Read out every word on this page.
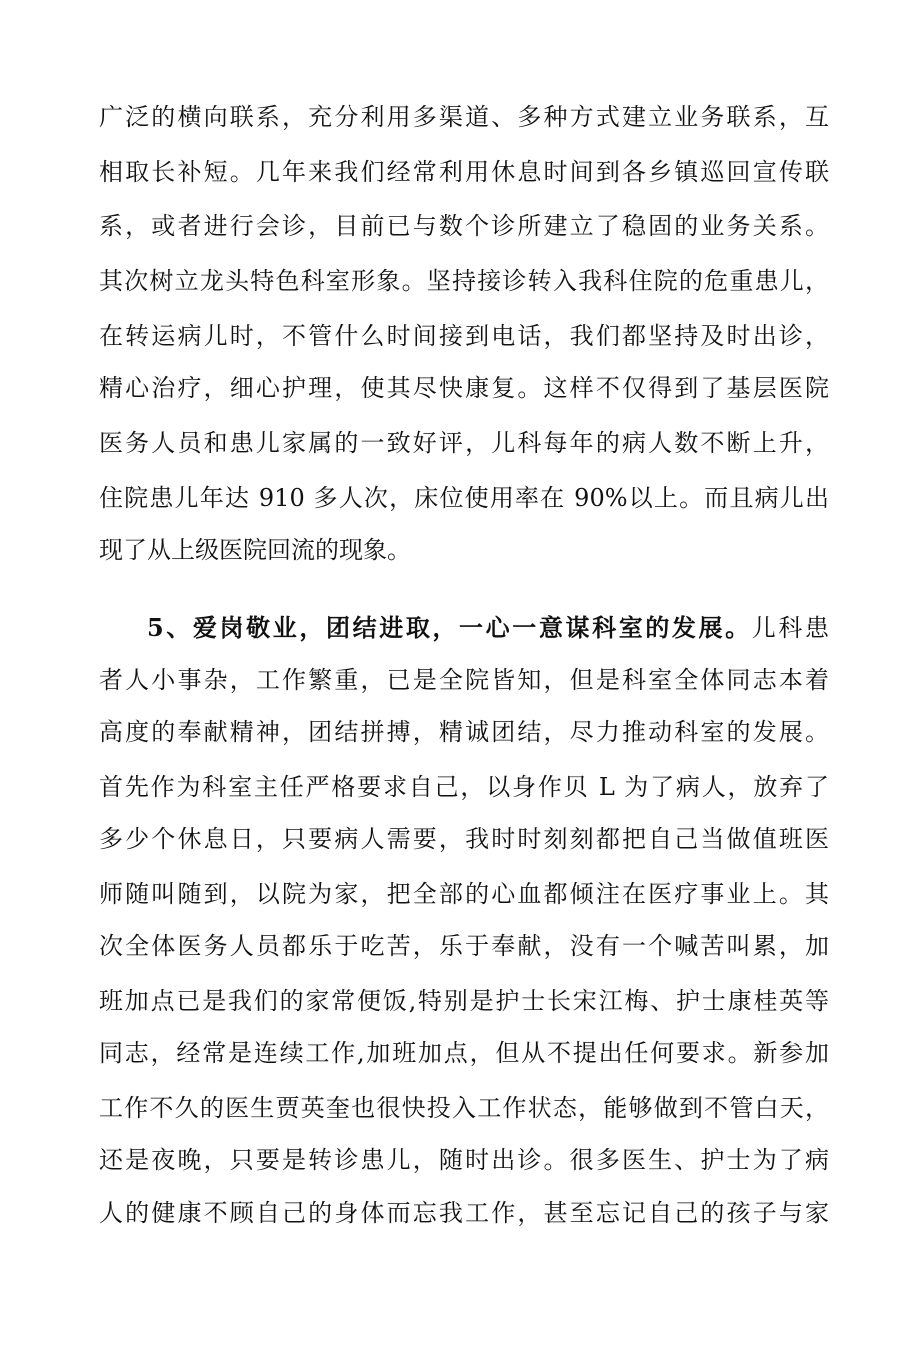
广泛的横向联系，充分利用多渠道、多种方式建立业务联系，互
相取长补短。几年来我们经常利用休息时间到各乡镇巡回宣传联
系，或者进行会诊，目前已与数个诊所建立了稳固的业务关系。
其次树立龙头特色科室形象。坚持接诊转入我科住院的危重患儿，
在转运病儿时，不管什么时间接到电话，我们都坚持及时出诊，
精心治疗，细心护理，使其尽快康复。这样不仅得到了基层医院
医务人员和患儿家属的一致好评，儿科每年的病人数不断上升，
住院患儿年达 910 多人次，床位使用率在 90%以上。而且病儿出
现了从上级医院回流的现象。
5、爱岗敬业，团结进取，一心一意谋科室的发展。儿科患
者人小事杂，工作繁重，已是全院皆知，但是科室全体同志本着
高度的奉献精神，团结拼搏，精诚团结，尽力推动科室的发展。
首先作为科室主任严格要求自己，以身作贝 L 为了病人，放弃了
多少个休息日，只要病人需要，我时时刻刻都把自己当做值班医
师随叫随到，以院为家，把全部的心血都倾注在医疗事业上。其
次全体医务人员都乐于吃苦，乐于奉献，没有一个喊苦叫累，加
班加点已是我们的家常便饭,特别是护士长宋江梅、护士康桂英等
同志，经常是连续工作,加班加点，但从不提出任何要求。新参加
工作不久的医生贾英奎也很快投入工作状态，能够做到不管白天，
还是夜晚，只要是转诊患儿，随时出诊。很多医生、护士为了病
人的健康不顾自己的身体而忘我工作，甚至忘记自己的孩子与家
